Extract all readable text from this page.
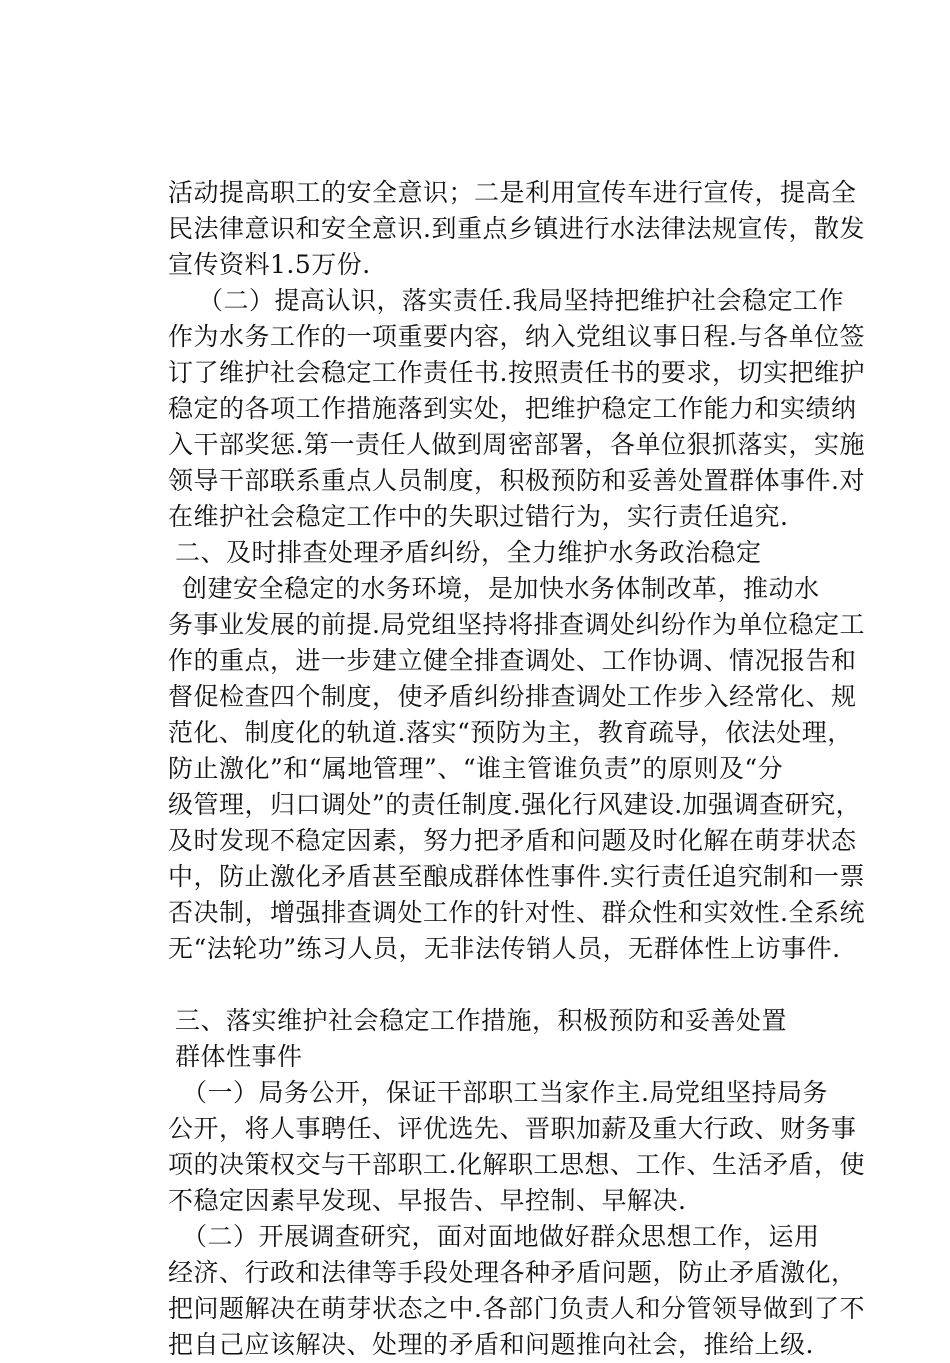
活动提高职工的安全意识；二是利用宣传车进行宣传，提高全
民法律意识和安全意识.到重点乡镇进行水法律法规宣传，散发
宣传资料1.5万份.
（二）提高认识，落实责任.我局坚持把维护社会稳定工作
作为水务工作的一项重要内容，纳入党组议事日程.与各单位签
订了维护社会稳定工作责任书.按照责任书的要求，切实把维护
稳定的各项工作措施落到实处，把维护稳定工作能力和实绩纳
入干部奖惩.第一责任人做到周密部署，各单位狠抓落实，实施
领导干部联系重点人员制度，积极预防和妥善处置群体事件.对
在维护社会稳定工作中的失职过错行为，实行责任追究.
二、及时排查处理矛盾纠纷，全力维护水务政治稳定
创建安全稳定的水务环境，是加快水务体制改革，推动水
务事业发展的前提.局党组坚持将排查调处纠纷作为单位稳定工
作的重点，进一步建立健全排查调处、工作协调、情况报告和
督促检查四个制度，使矛盾纠纷排查调处工作步入经常化、规
范化、制度化的轨道.落实“预防为主，教育疏导，依法处理，
防止激化”和“属地管理”、“谁主管谁负责”的原则及“分
级管理，归口调处”的责任制度.强化行风建设.加强调查研究，
及时发现不稳定因素，努力把矛盾和问题及时化解在萌芽状态
中，防止激化矛盾甚至酿成群体性事件.实行责任追究制和一票
否决制，增强排查调处工作的针对性、群众性和实效性.全系统
无“法轮功”练习人员，无非法传销人员，无群体性上访事件.
三、落实维护社会稳定工作措施，积极预防和妥善处置
群体性事件
（一）局务公开，保证干部职工当家作主.局党组坚持局务
公开，将人事聘任、评优选先、晋职加薪及重大行政、财务事
项的决策权交与干部职工.化解职工思想、工作、生活矛盾，使
不稳定因素早发现、早报告、早控制、早解决.
（二）开展调查研究，面对面地做好群众思想工作，运用
经济、行政和法律等手段处理各种矛盾问题，防止矛盾激化，
把问题解决在萌芽状态之中.各部门负责人和分管领导做到了不
把自己应该解决、处理的矛盾和问题推向社会，推给上级.
